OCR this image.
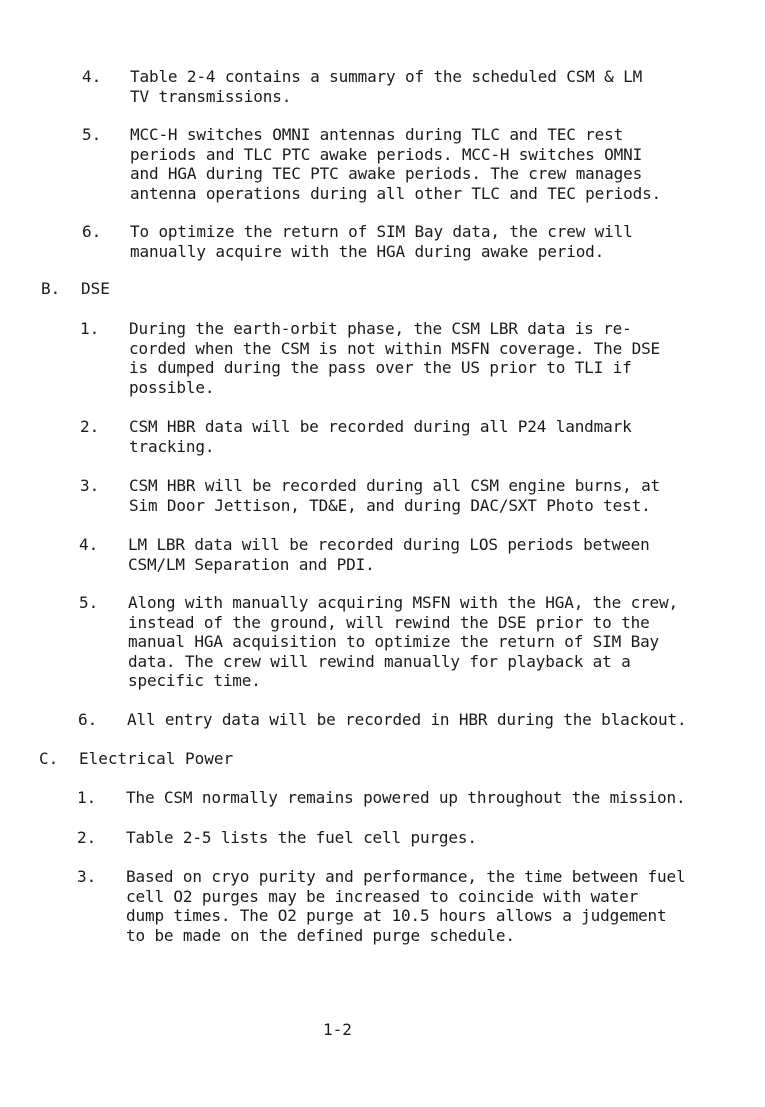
4.	Table 2-4 contains a summary of the scheduled CSM & LM
TV transmissions.

5.	MCC-H switches OMNI antennas during TLC and TEC rest
periods and TLC PTC awake periods. MCC-H switches OMNI
and HGA during TEC PTC awake periods. The crew manages
antenna operations during all other TLC and TEC periods.

6.	To optimize the return of SIM Bay data, the crew will
manually acquire with the HGA during awake period.

B.	DSE
1.	During the earth-orbit phase, the CSM LBR data is re-
corded when the CSM is not within MSFN coverage. The DSE
is dumped during the pass over the US prior to TLI if
possible.

2.	CSM HBR data will be recorded during all P24 landmark
tracking.

3.	CSM HBR will be recorded during all CSM engine burns, at
Sim Door Jettison, TD&E, and during DAC/SXT Photo test.

4.	LM LBR data will be recorded during LOS periods between
CSM/LM Separation and PDI.

5.	Along with manually acquiring MSFN with the HGA, the crew,
instead of the ground, will rewind the DSE prior to the
manual HGA acquisition to optimize the return of SIM Bay
data. The crew will rewind manually for playback at a
specific time.

6.	All entry data will be recorded in HBR during the blackout.

C.	Electrical Power
1.	The CSM normally remains powered up throughout the mission.

2.	Table 2-5 lists the fuel cell purges.

3.	Based on cryo purity and performance, the time between fuel
cell O2 purges may be increased to coincide with water
dump times. The O2 purge at 10.5 hours allows a judgement
to be made on the defined purge schedule.

1-2
